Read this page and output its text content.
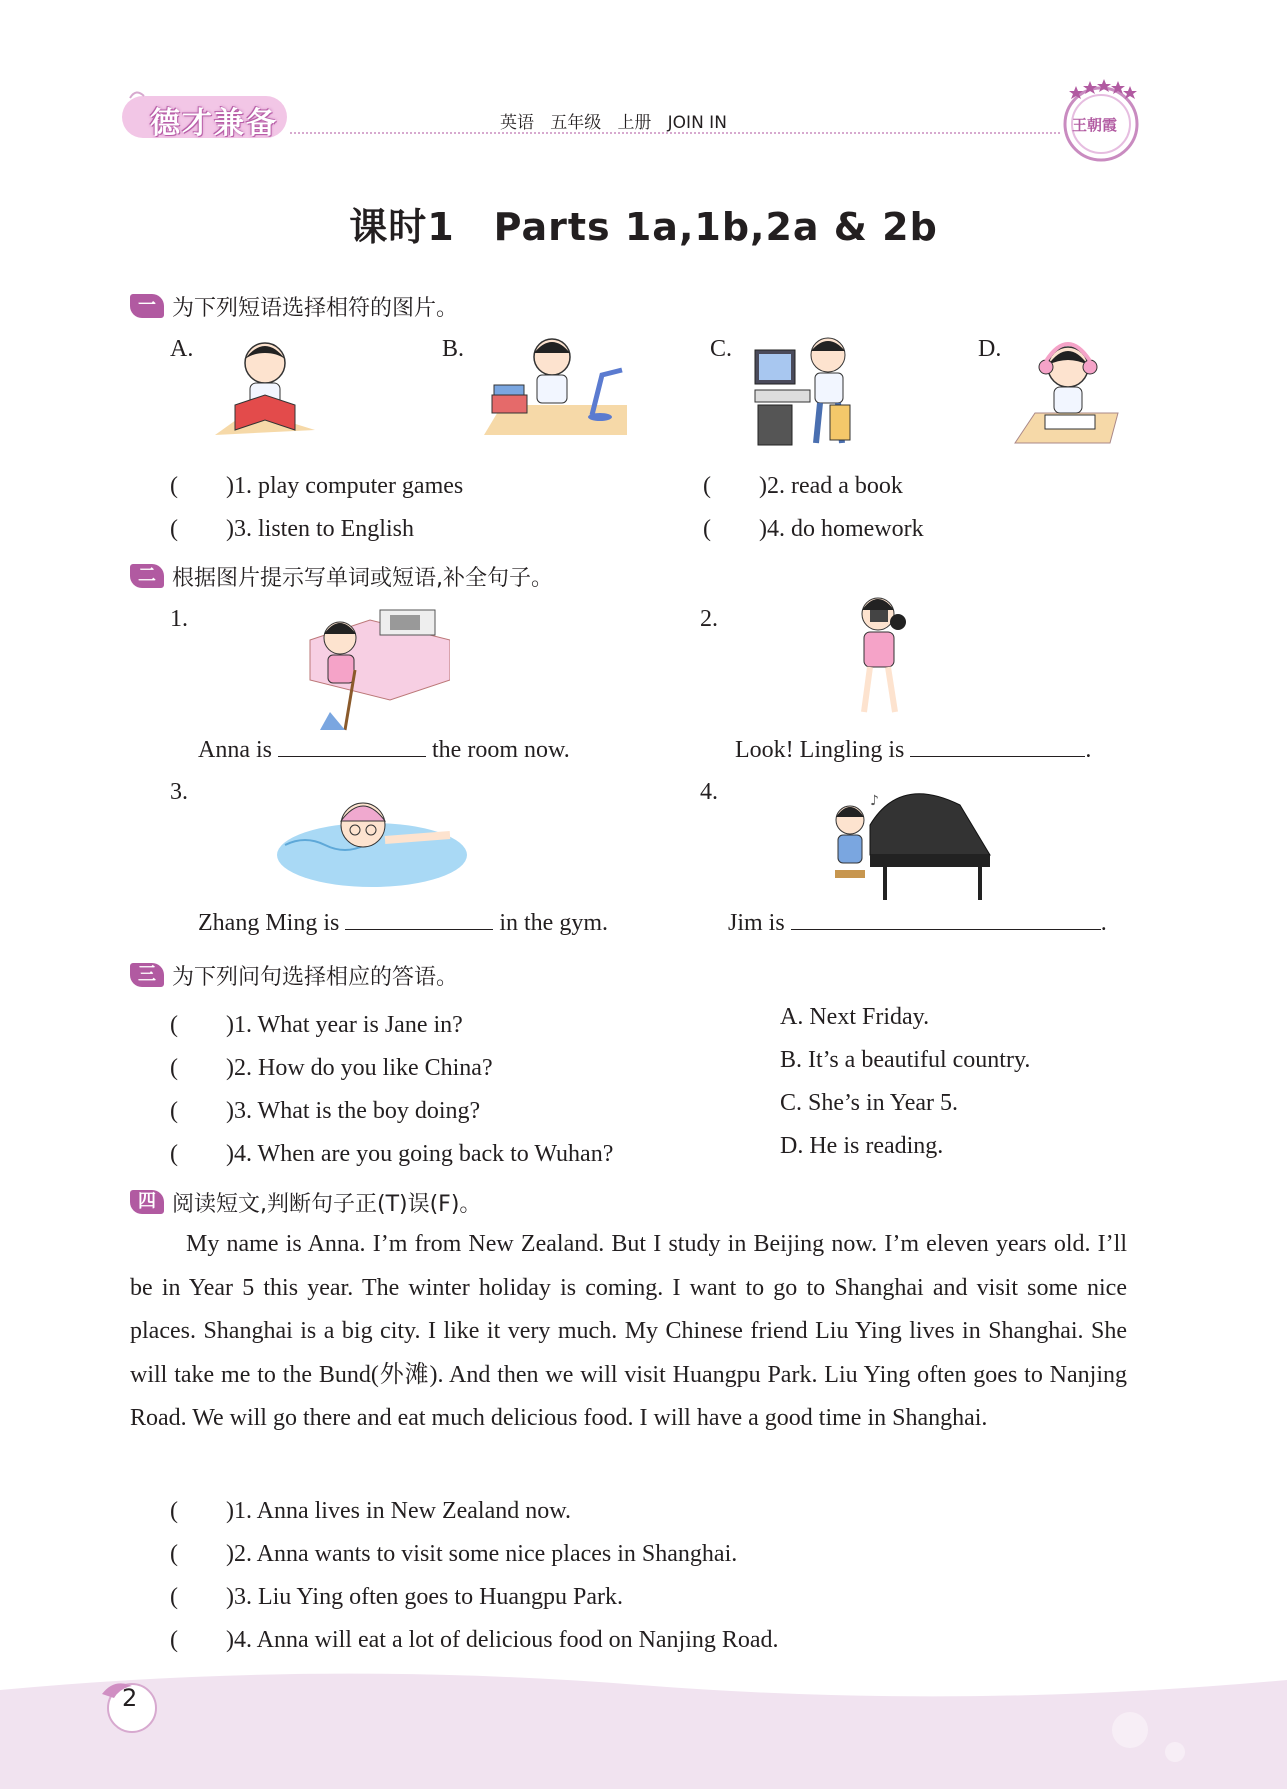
德才兼备	英语 五年级 上册 JOIN IN	王朝霞
课时1　Parts 1a,1b,2a & 2b
一 为下列短语选择相符的图片。
A.	B.	C.	D.
(　　)1. play computer games	(　　)2. read a book
(　　)3. listen to English	(　　)4. do homework
二 根据图片提示写单词或短语,补全句子。
1.	2.
3.	4.	♪
Anna is	the room now.	Look! Lingling is	.
Zhang Ming is	in the gym.	Jim is	.
三 为下列问句选择相应的答语。
(　　)1. What year is Jane in?
(　　)2. How do you like China?
(　　)3. What is the boy doing?
(　　)4. When are you going back to Wuhan?
A. Next Friday.
B. It’s a beautiful country.
C. She’s in Year 5.
D. He is reading.
四 阅读短文,判断句子正(T)误(F)。

My name is Anna. I’m from New Zealand. But I study in Beijing now. I’m eleven years old. I’ll be in Year 5 this year. The winter holiday is coming. I want to go to Shanghai and visit some nice places. Shanghai is a big city. I like it very much. My Chinese friend Liu Ying lives in Shanghai. She will take me to the Bund(外滩). And then we will visit Huangpu Park. Liu Ying often goes to Nanjing Road. We will go there and eat much delicious food. I will have a good time in Shanghai.

(　　)1. Anna lives in New Zealand now.
(　　)2. Anna wants to visit some nice places in Shanghai.
(　　)3. Liu Ying often goes to Huangpu Park.
(　　)4. Anna will eat a lot of delicious food on Nanjing Road.
2
